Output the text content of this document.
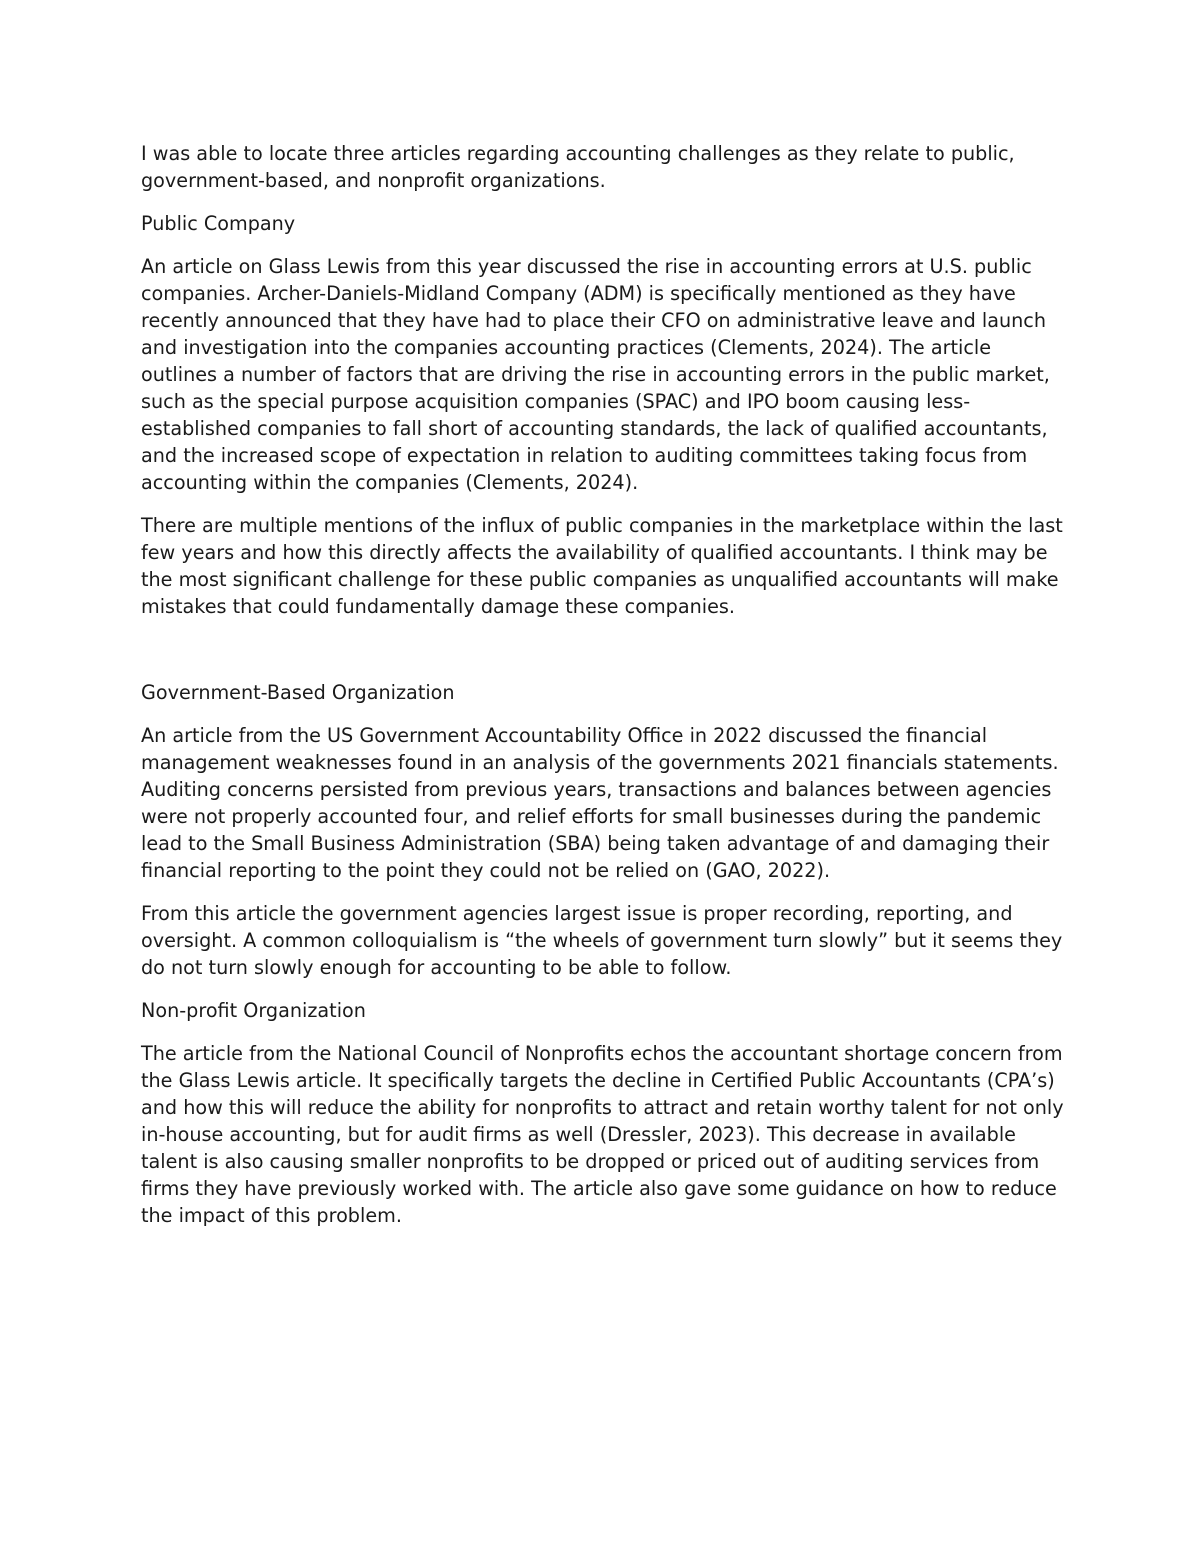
I was able to locate three articles regarding accounting challenges as they relate to public, government-based, and nonprofit organizations.

Public Company

An article on Glass Lewis from this year discussed the rise in accounting errors at U.S. public companies. Archer-Daniels-Midland Company (ADM) is specifically mentioned as they have recently announced that they have had to place their CFO on administrative leave and launch and investigation into the companies accounting practices (Clements, 2024). The article outlines a number of factors that are driving the rise in accounting errors in the public market, such as the special purpose acquisition companies (SPAC) and IPO boom causing less-established companies to fall short of accounting standards, the lack of qualified accountants, and the increased scope of expectation in relation to auditing committees taking focus from accounting within the companies (Clements, 2024).

There are multiple mentions of the influx of public companies in the marketplace within the last few years and how this directly affects the availability of qualified accountants. I think may be the most significant challenge for these public companies as unqualified accountants will make mistakes that could fundamentally damage these companies.

Government-Based Organization

An article from the US Government Accountability Office in 2022 discussed the financial management weaknesses found in an analysis of the governments 2021 financials statements. Auditing concerns persisted from previous years, transactions and balances between agencies were not properly accounted four, and relief efforts for small businesses during the pandemic lead to the Small Business Administration (SBA) being taken advantage of and damaging their financial reporting to the point they could not be relied on (GAO, 2022).

From this article the government agencies largest issue is proper recording, reporting, and oversight. A common colloquialism is “the wheels of government turn slowly” but it seems they do not turn slowly enough for accounting to be able to follow.

Non-profit Organization

The article from the National Council of Nonprofits echos the accountant shortage concern from the Glass Lewis article. It specifically targets the decline in Certified Public Accountants (CPA’s) and how this will reduce the ability for nonprofits to attract and retain worthy talent for not only in-house accounting, but for audit firms as well (Dressler, 2023). This decrease in available talent is also causing smaller nonprofits to be dropped or priced out of auditing services from firms they have previously worked with. The article also gave some guidance on how to reduce the impact of this problem.
